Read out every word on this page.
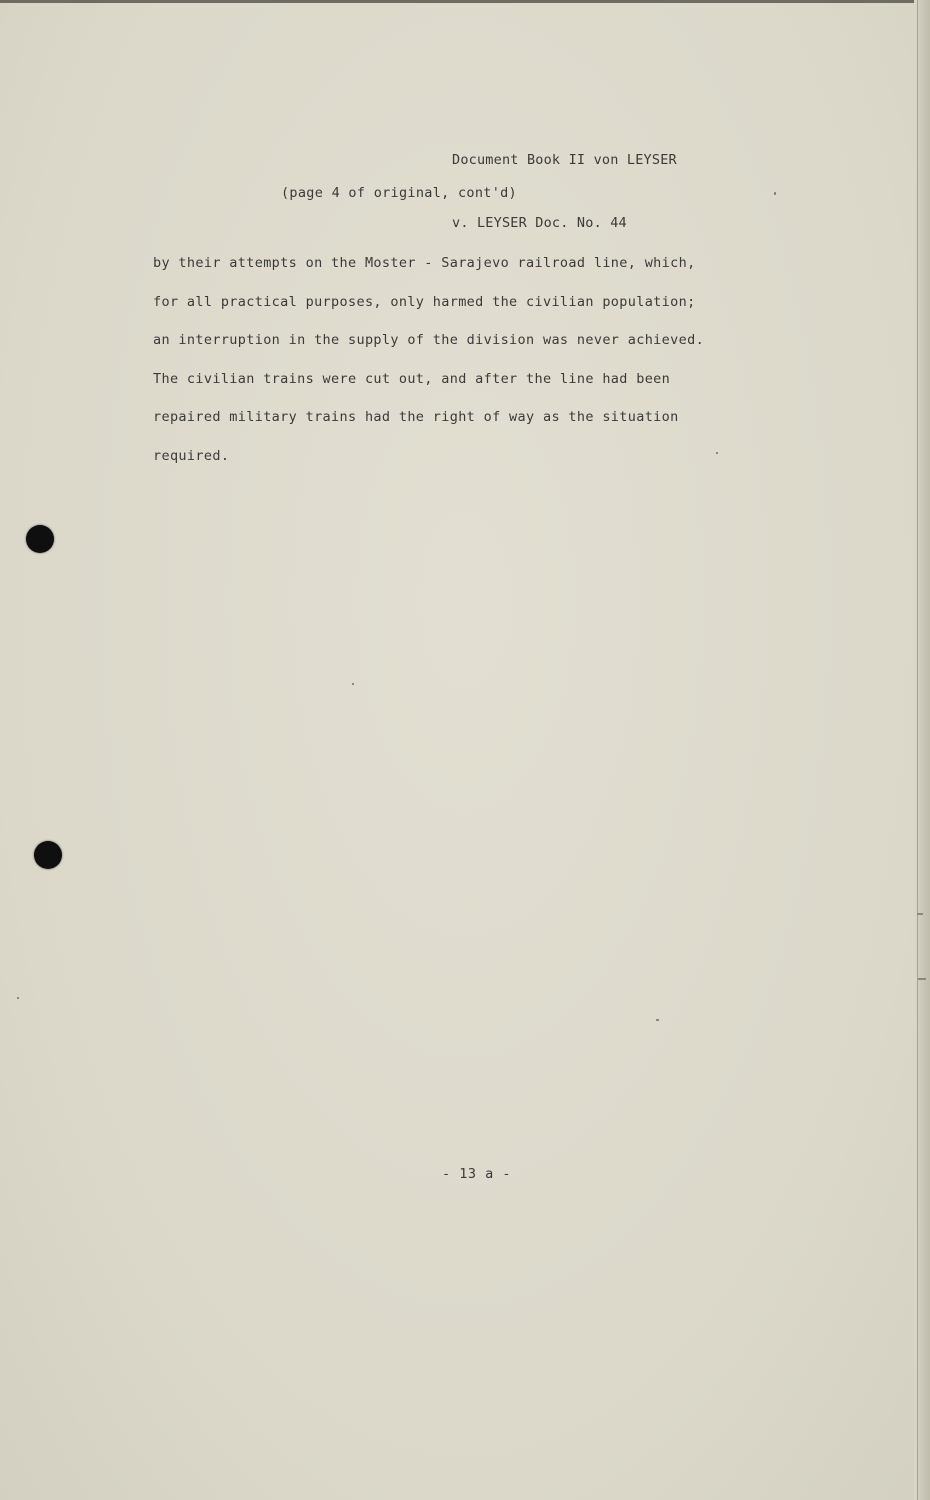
Document Book II von LEYSER

v. LEYSER Doc. No. 44

(page 4 of original, cont'd)
by their attempts on the Moster - Sarajevo railroad line, which,
for all practical purposes, only harmed the civilian population;
an interruption in the supply of the division was never achieved.
The civilian trains were cut out, and after the line had been
repaired military trains had the right of way as the situation
required.
- 13 a -
